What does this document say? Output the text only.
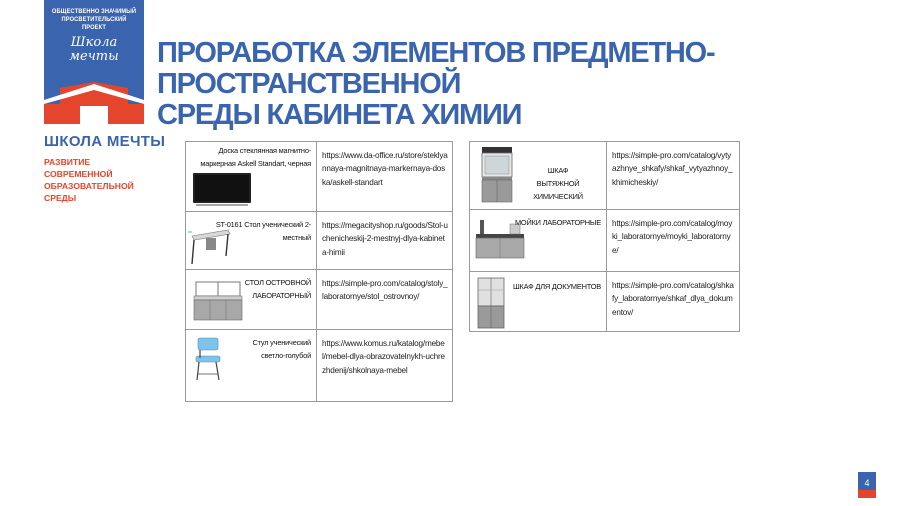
ОБЩЕСТВЕННО ЗНАЧИМЫЙ ПРОСВЕТИТЕЛЬСКИЙ ПРОЕКТ
Школа мечты
ШКОЛА МЕЧТЫ
РАЗВИТИЕ СОВРЕМЕННОЙ ОБРАЗОВАТЕЛЬНОЙ СРЕДЫ
ПРОРАБОТКА ЭЛЕМЕНТОВ ПРЕДМЕТНО- ПРОСТРАНСТВЕННОЙ
СРЕДЫ КАБИНЕТА ХИМИИ
Доска стеклянная магнитно-маркерная Askell Standart, черная	https://www.da-office.ru/store/steklyannaya-magnitnaya-markernaya-doska/askell-standart

ST-0161 Стол ученический 2-местный	https://megacityshop.ru/goods/Stol-uchenicheskij-2-mestnyj-dlya-kabineta-himii

СТОЛ ОСТРОВНОЙ ЛАБОРАТОРНЫЙ	https://simple-pro.com/catalog/stoly_laboratornye/stol_ostrovnoy/

Стул ученический светло-голубой	https://www.komus.ru/katalog/mebel/mebel-dlya-obrazovatelnykh-uchrezhdenij/shkolnaya-mebel
ШКАФ ВЫТЯЖНОЙ ХИМИЧЕСКИЙ	https://simple-pro.com/catalog/vytyazhnye_shkafy/shkaf_vytyazhnoy_khimicheskiy/

МОЙКИ ЛАБОРАТОРНЫЕ	https://simple-pro.com/catalog/moyki_laboratornye/moyki_laboratornye/

ШКАФ ДЛЯ ДОКУМЕНТОВ	https://simple-pro.com/catalog/shkafy_laboratornye/shkaf_dlya_dokumentov/
4
